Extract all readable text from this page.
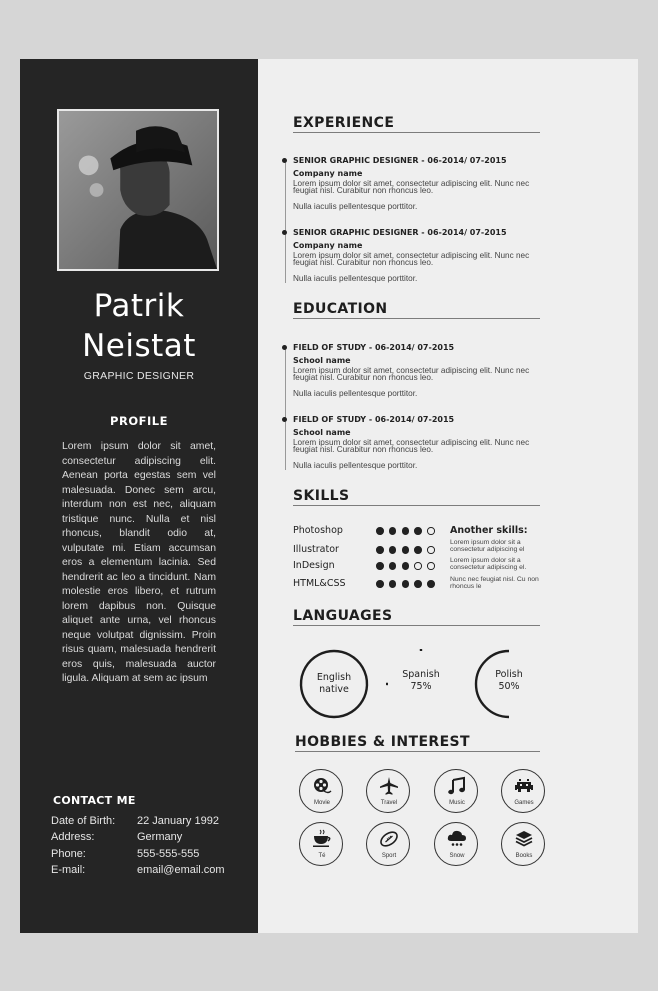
Patrik
Neistat
GRAPHIC DESIGNER
PROFILE
Lorem ipsum dolor sit amet, consectetur adipiscing elit. Aenean porta egestas sem vel malesuada. Donec sem arcu, interdum non est nec, aliquam tristique nunc. Nulla et nisl rhoncus, blandit odio at, vulputate mi. Etiam accumsan eros a elementum lacinia. Sed hendrerit ac leo a tincidunt. Nam molestie eros libero, et rutrum lorem dapibus non. Quisque aliquet ante urna, vel rhoncus neque volutpat dignissim. Proin risus quam, malesuada hendrerit eros quis, malesuada auctor ligula. Aliquam at sem ac ipsum
CONTACT ME
Date of Birth: 22 January 1992
Address:	Germany
Phone:	555-555-555
E-mail:	email@email.com
EXPERIENCE
SENIOR GRAPHIC DESIGNER - 06-2014/ 07-2015
Company name
Lorem ipsum dolor sit amet, consectetur adipiscing elit. Nunc nec feugiat nisl. Curabitur non rhoncus leo.
Nulla iaculis pellentesque porttitor.
SENIOR GRAPHIC DESIGNER - 06-2014/ 07-2015
Company name
Lorem ipsum dolor sit amet, consectetur adipiscing elit. Nunc nec feugiat nisl. Curabitur non rhoncus leo.
Nulla iaculis pellentesque porttitor.
EDUCATION
FIELD OF STUDY - 06-2014/ 07-2015
School name
Lorem ipsum dolor sit amet, consectetur adipiscing elit. Nunc nec feugiat nisl. Curabitur non rhoncus leo.
Nulla iaculis pellentesque porttitor.
FIELD OF STUDY - 06-2014/ 07-2015
School name
Lorem ipsum dolor sit amet, consectetur adipiscing elit. Nunc nec feugiat nisl. Curabitur non rhoncus leo.
Nulla iaculis pellentesque porttitor.
SKILLS
Photoshop
Illustrator
InDesign
HTML&CSS
Another skills:
Lorem ipsum dolor sit a consectetur adipiscing el
Lorem ipsum dolor sit a consectetur adipiscing el.
Nunc nec feugiat nisl. Cu non rhoncus le
LANGUAGES
English
native
Spanish
75%
Polish
50%
HOBBIES & INTEREST
Movie	Travel	Music	Games
Té	Sport	Snow	Books
